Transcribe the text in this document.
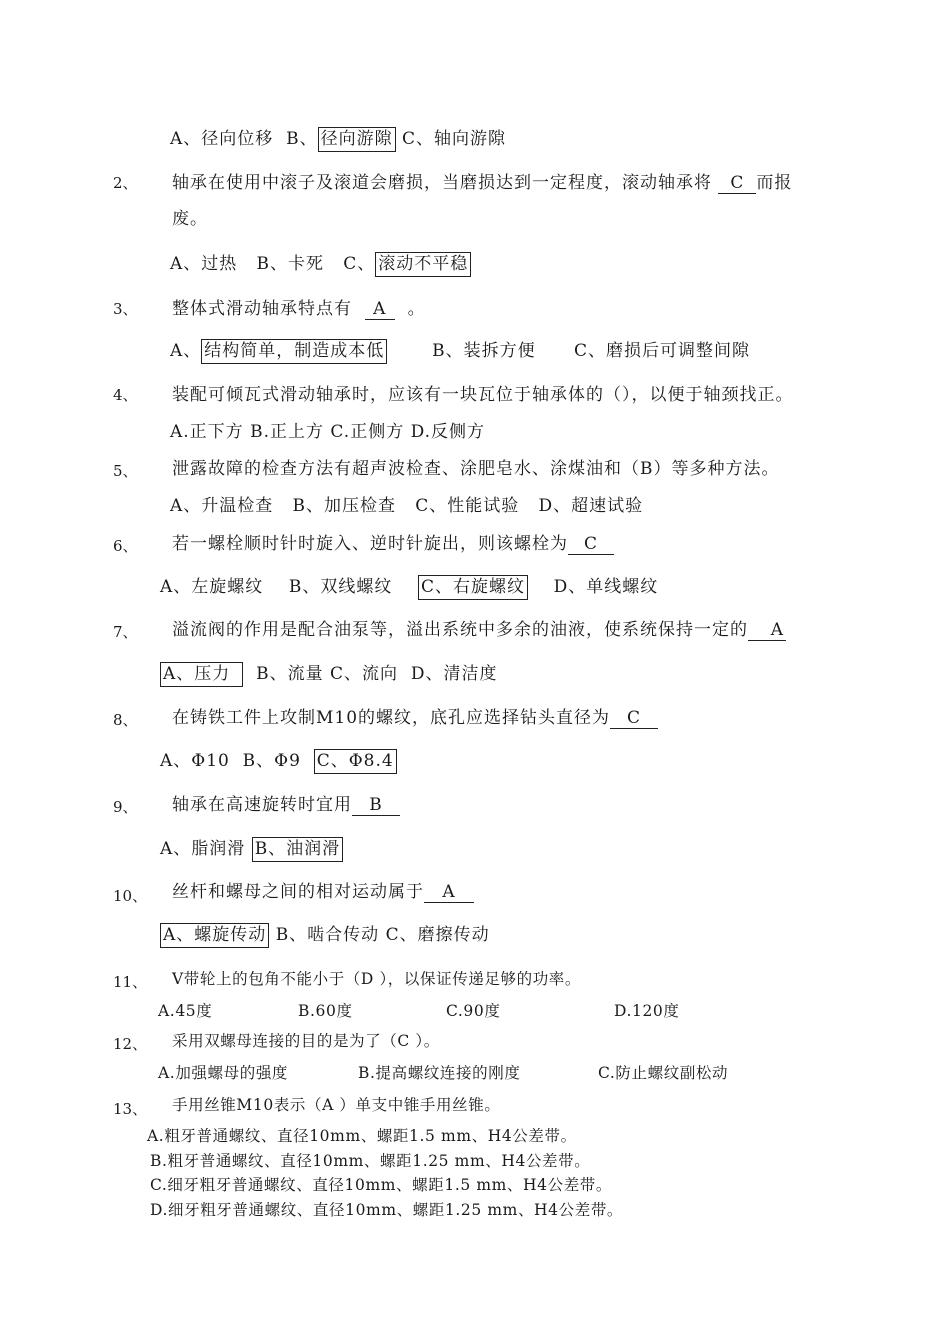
A、径向位移 B、 径向游隙 C、轴向游隙
2、 轴承在使用中滚子及滚道会磨损，当磨损达到一定程度，滚动轴承将 C 而报
废。
A、过热 B、卡死 C、 滚动不平稳
3、 整体式滑动轴承特点有 A 。
A、 结构简单，制造成本低	B、装拆方便 C、磨损后可调整间隙
4、 装配可倾瓦式滑动轴承时，应该有一块瓦位于轴承体的（），以便于轴颈找正。
A.正下方 B.正上方 C.正侧方 D.反侧方
5、 泄露故障的检查方法有超声波检查、涂肥皂水、涂煤油和（B）等多种方法。
A、升温检查 B、加压检查 C、性能试验 D、超速试验
6、 若一螺栓顺时针时旋入、逆时针旋出，则该螺栓为 C
A、左旋螺纹 B、双线螺纹 C、右旋螺纹 D、单线螺纹
7、 溢流阀的作用是配合油泵等，溢出系统中多余的油液，使系统保持一定的 A
A、压力 B、流量 C、流向 D、清洁度
8、 在铸铁工件上攻制M10的螺纹，底孔应选择钻头直径为 C
A、Φ10 B、Φ9 C、Φ8.4
9、 轴承在高速旋转时宜用 B
A、脂润滑 B、油润滑
10、 丝杆和螺母之间的相对运动属于 A
A、螺旋传动 B、啮合传动 C、磨擦传动
11、 V带轮上的包角不能小于（D ），以保证传递足够的功率。
A.45度	B.60度	C.90度	D.120度
12、 采用双螺母连接的目的是为了（C ）。
A.加强螺母的强度	B.提高螺纹连接的刚度	C.防止螺纹副松动
13、 手用丝锥M10表示（A ）单支中锥手用丝锥。
A.粗牙普通螺纹、直径10mm、螺距1.5 mm、H4公差带。
B.粗牙普通螺纹、直径10mm、螺距1.25 mm、H4公差带。
C.细牙粗牙普通螺纹、直径10mm、螺距1.5 mm、H4公差带。
D.细牙粗牙普通螺纹、直径10mm、螺距1.25 mm、H4公差带。
